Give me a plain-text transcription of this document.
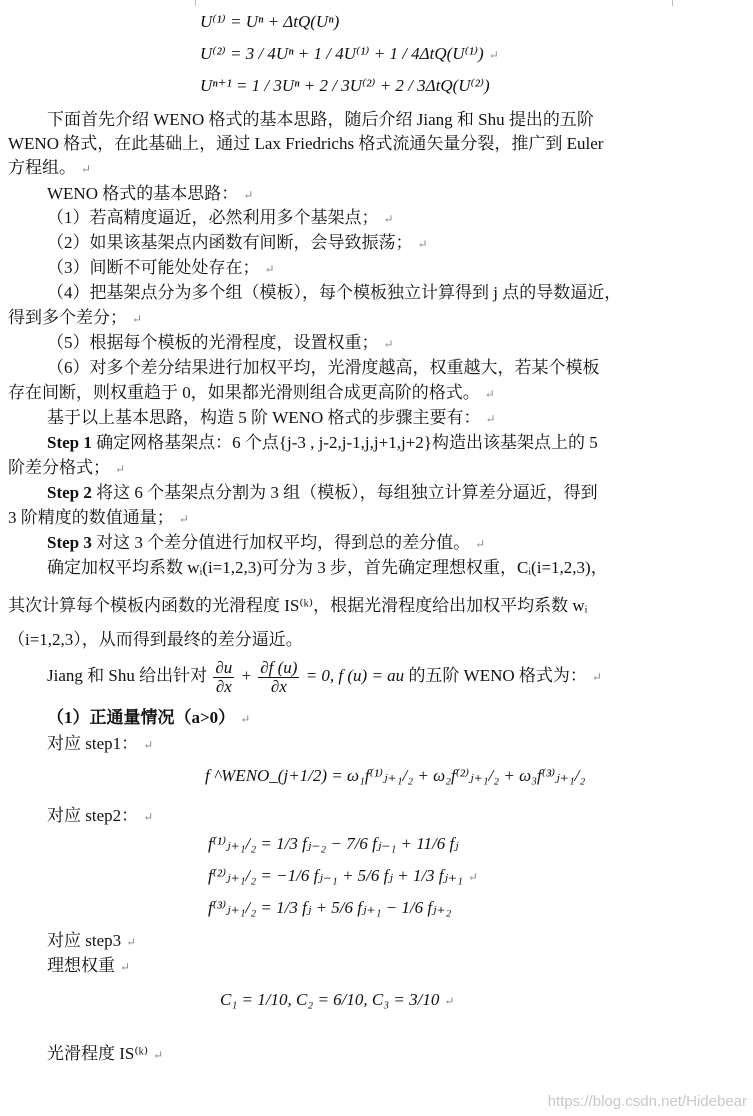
U⁽¹⁾ = Uⁿ + ΔtQ(Uⁿ)
U⁽²⁾ = 3 / 4Uⁿ + 1 / 4U⁽¹⁾ + 1 / 4ΔtQ(U⁽¹⁾) ↵
Uⁿ⁺¹ = 1 / 3Uⁿ + 2 / 3U⁽²⁾ + 2 / 3ΔtQ(U⁽²⁾)
下面首先介绍 WENO 格式的基本思路，随后介绍 Jiang 和 Shu 提出的五阶
WENO 格式，在此基础上，通过 Lax Friedrichs 格式流通矢量分裂，推广到 Euler
方程组。 ↵
WENO 格式的基本思路： ↵
（1）若高精度逼近，必然利用多个基架点； ↵
（2）如果该基架点内函数有间断，会导致振荡； ↵
（3）间断不可能处处存在； ↵
（4）把基架点分为多个组（模板），每个模板独立计算得到 j 点的导数逼近，
得到多个差分； ↵
（5）根据每个模板的光滑程度，设置权重； ↵
（6）对多个差分结果进行加权平均，光滑度越高，权重越大，若某个模板
存在间断，则权重趋于 0，如果都光滑则组合成更高阶的格式。 ↵
基于以上基本思路，构造 5 阶 WENO 格式的步骤主要有： ↵
Step 1 确定网格基架点：6 个点{j-3 , j-2,j-1,j,j+1,j+2}构造出该基架点上的 5
阶差分格式； ↵
Step 2 将这 6 个基架点分割为 3 组（模板），每组独立计算差分逼近，得到
3 阶精度的数值通量； ↵
Step 3 对这 3 个差分值进行加权平均，得到总的差分值。 ↵
确定加权平均系数 wᵢ(i=1,2,3)可分为 3 步，首先确定理想权重，Cᵢ(i=1,2,3)，
其次计算每个模板内函数的光滑程度 IS⁽ᵏ⁾，根据光滑程度给出加权平均系数 wᵢ
（i=1,2,3），从而得到最终的差分逼近。
Jiang 和 Shu 给出针对 $\frac{\partial u}{\partial x} + \frac{\partial f (u)}{\partial x} = 0$, f (u) = au 的五阶 WENO 格式为： ↵
（1）正通量情况（a>0） ↵
对应 step1： ↵
f ^WENO_(j+1/2) = ω₁f⁽¹⁾ⱼ₊₁/₂ + ω₂f⁽²⁾ⱼ₊₁/₂ + ω₃f⁽³⁾ⱼ₊₁/₂
对应 step2： ↵
f⁽¹⁾ⱼ₊₁/₂ = 1/3 fⱼ₋₂ − 7/6 fⱼ₋₁ + 11/6 fⱼ
f⁽²⁾ⱼ₊₁/₂ = −1/6 fⱼ₋₁ + 5/6 fⱼ + 1/3 fⱼ₊₁ ↵
f⁽³⁾ⱼ₊₁/₂ = 1/3 fⱼ + 5/6 fⱼ₊₁ − 1/6 fⱼ₊₂
对应 step3 ↵
理想权重 ↵
C₁ = 1/10, C₂ = 6/10, C₃ = 3/10 ↵
光滑程度 IS⁽ᵏ⁾ ↵
https://blog.csdn.net/Hidebear
